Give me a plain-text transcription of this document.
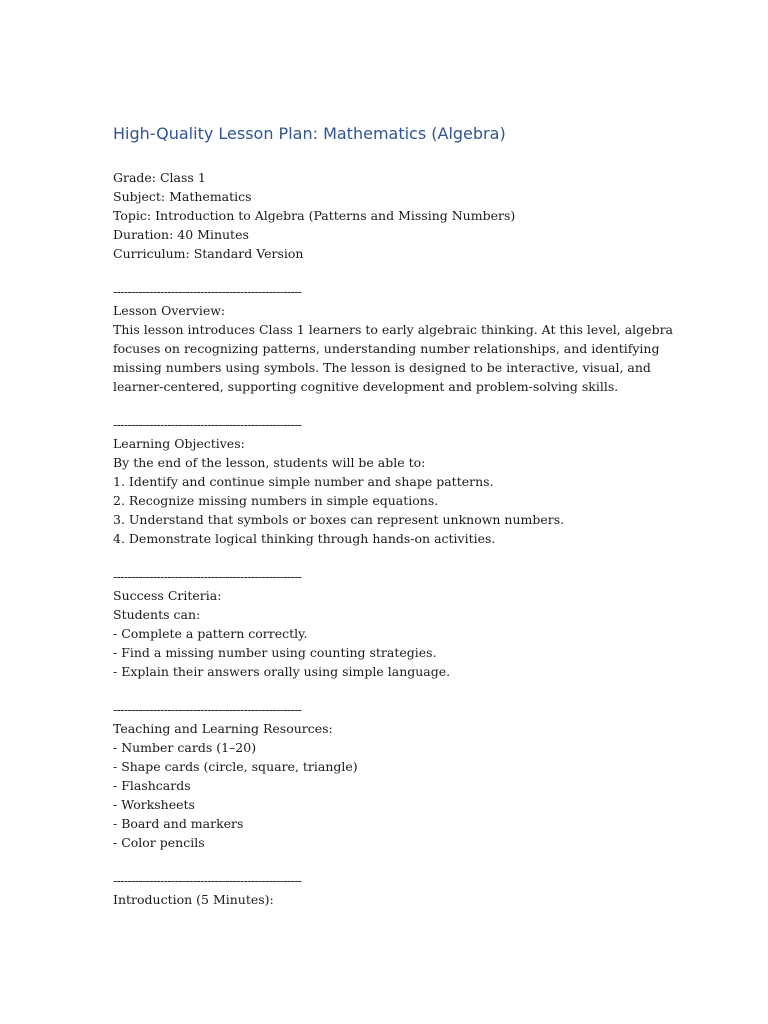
High-Quality Lesson Plan: Mathematics (Algebra)
Grade: Class 1
Subject: Mathematics
Topic: Introduction to Algebra (Patterns and Missing Numbers)
Duration: 40 Minutes
Curriculum: Standard Version
----------------------------------------------------
Lesson Overview:
This lesson introduces Class 1 learners to early algebraic thinking. At this level, algebra
focuses on recognizing patterns, understanding number relationships, and identifying
missing numbers using symbols. The lesson is designed to be interactive, visual, and
learner-centered, supporting cognitive development and problem-solving skills.
----------------------------------------------------
Learning Objectives:
By the end of the lesson, students will be able to:
1. Identify and continue simple number and shape patterns.
2. Recognize missing numbers in simple equations.
3. Understand that symbols or boxes can represent unknown numbers.
4. Demonstrate logical thinking through hands-on activities.
----------------------------------------------------
Success Criteria:
Students can:
- Complete a pattern correctly.
- Find a missing number using counting strategies.
- Explain their answers orally using simple language.
----------------------------------------------------
Teaching and Learning Resources:
- Number cards (1–20)
- Shape cards (circle, square, triangle)
- Flashcards
- Worksheets
- Board and markers
- Color pencils
----------------------------------------------------
Introduction (5 Minutes):
